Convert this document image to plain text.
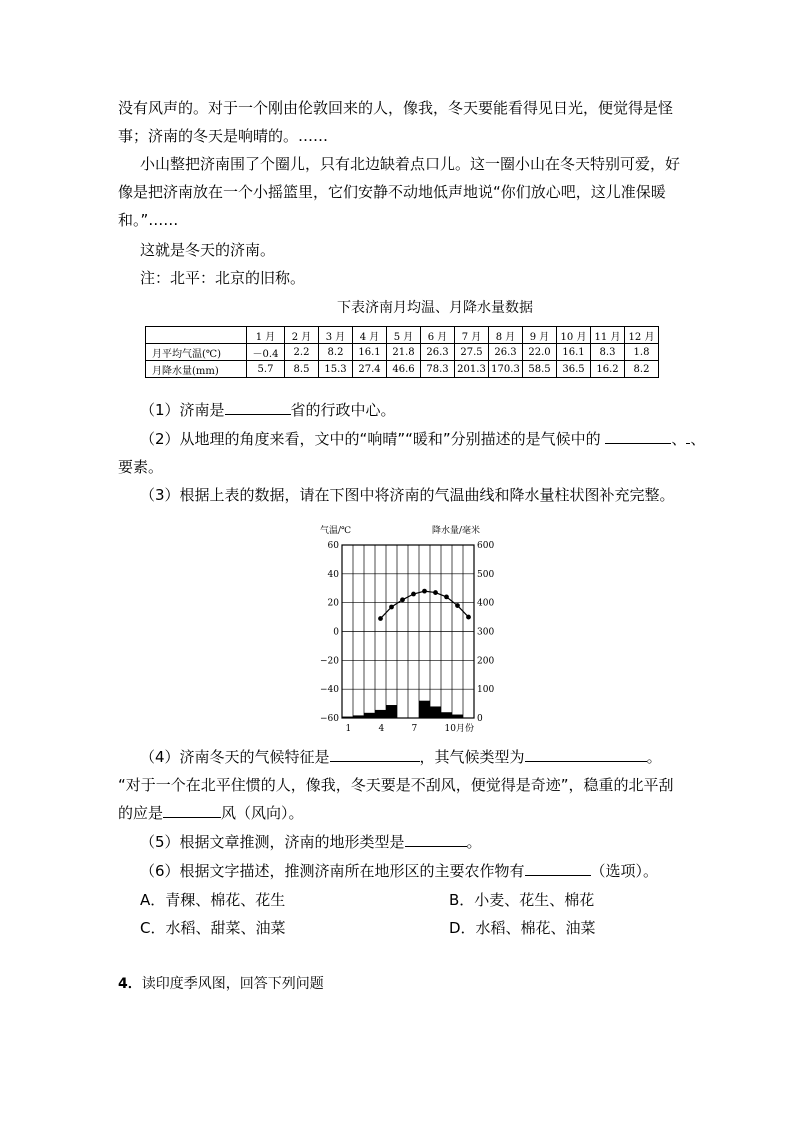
没有风声的。对于一个刚由伦敦回来的人，像我，冬天要能看得见日光，便觉得是怪
事；济南的冬天是响晴的。……
小山整把济南围了个圈儿，只有北边缺着点口儿。这一圈小山在冬天特别可爱，好
像是把济南放在一个小摇篮里，它们安静不动地低声地说“你们放心吧，这儿准保暖
和。”……
这就是冬天的济南。
注：北平：北京的旧称。
下表济南月均温、月降水量数据
	1 月	2 月	3 月	4 月	5 月	6 月	7 月	8 月	9 月	10 月	11 月	12 月
月平均气温(℃)	－0.4	2.2	8.2	16.1	21.8	26.3	27.5	26.3	22.0	16.1	8.3	1.8
月降水量(mm)	5.7	8.5	15.3	27.4	46.6	78.3	201.3	170.3	58.5	36.5	16.2	8.2
（1）济南是	省的行政中心。
（2）从地理的角度来看，文中的“响晴”“暖和”分别描述的是气候中的	、 、
要素。
（3）根据上表的数据，请在下图中将济南的气温曲线和降水量柱状图补充完整。
气温/℃	降水量/毫米
60
40
20
0
−20
−40
−60
600
500
400
300
200
100
0
1	4	7	10月份
（4）济南冬天的气候特征是	，其气候类型为	。
“对于一个在北平住惯的人，像我，冬天要是不刮风，便觉得是奇迹”，稳重的北平刮
的应是	风（风向）。
（5）根据文章推测，济南的地形类型是	。
（6）根据文字描述，推测济南所在地形区的主要农作物有	（选项）。
A．青稞、棉花、花生	B．小麦、花生、棉花
C．水稻、甜菜、油菜	D．水稻、棉花、油菜
4．读印度季风图，回答下列问题
